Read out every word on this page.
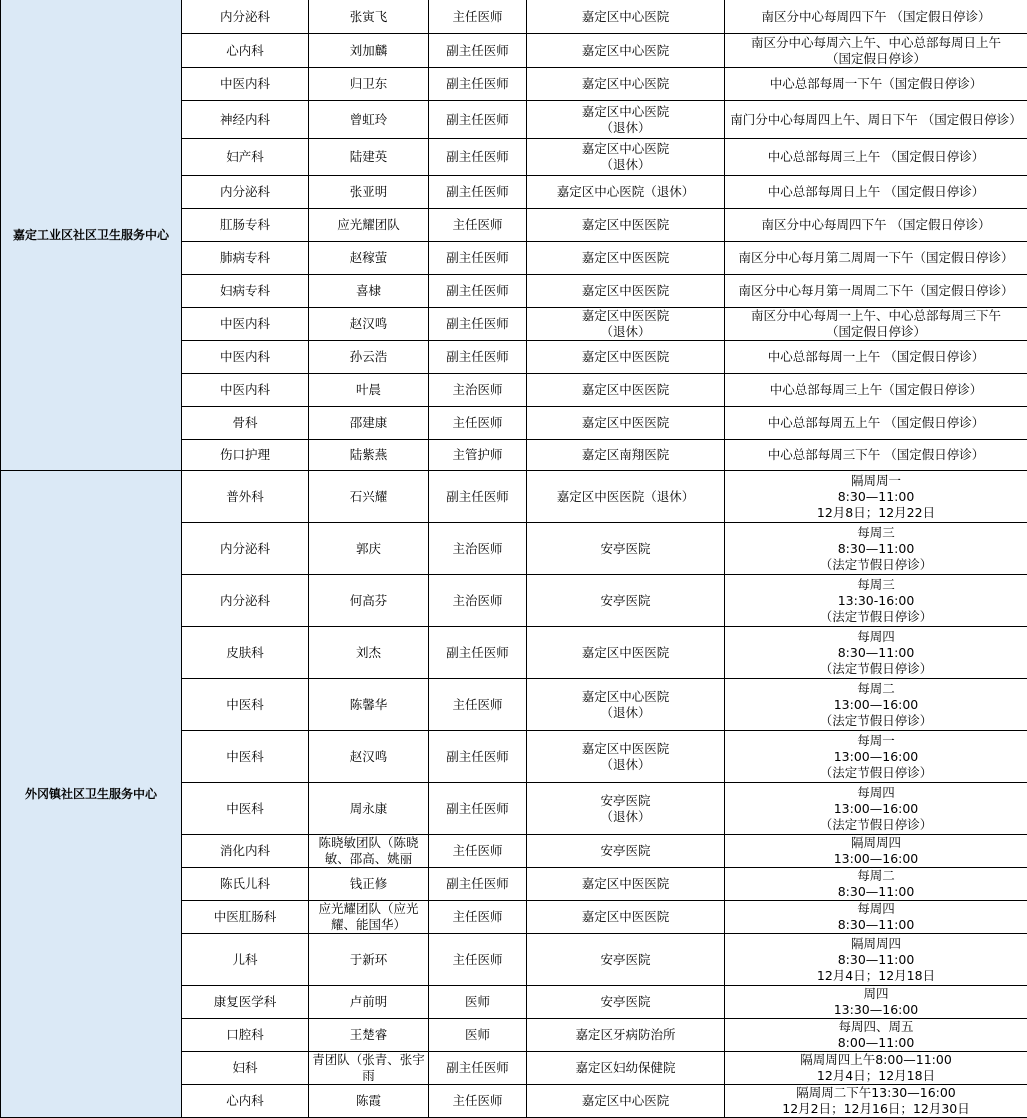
嘉定工业区社区卫生服务中心	内分泌科	张寅飞	主任医师	嘉定区中心医院	南区分中心每周四下午 （国定假日停诊）
	心内科	刘加麟	副主任医师	嘉定区中心医院	南区分中心每周六上午、中心总部每周日上午
（国定假日停诊）
	中医内科	归卫东	副主任医师	嘉定区中心医院	中心总部每周一下午（国定假日停诊）
	神经内科	曾虹玲	副主任医师	嘉定区中心医院
（退休）	南门分中心每周四上午、周日下午 （国定假日停诊）
	妇产科	陆建英	副主任医师	嘉定区中心医院
（退休）	中心总部每周三上午 （国定假日停诊）
	内分泌科	张亚明	副主任医师	嘉定区中心医院（退休）	中心总部每周日上午 （国定假日停诊）
	肛肠专科	应光耀团队	主任医师	嘉定区中医医院	南区分中心每周四下午 （国定假日停诊）
	肺病专科	赵稼萤	副主任医师	嘉定区中医医院	南区分中心每月第二周周一下午（国定假日停诊）
	妇病专科	喜棣	副主任医师	嘉定区中医医院	南区分中心每月第一周周二下午（国定假日停诊）
	中医内科	赵汉鸣	副主任医师	嘉定区中医医院
（退休）	南区分中心每周一上午、中心总部每周三下午
（国定假日停诊）
	中医内科	孙云浩	副主任医师	嘉定区中医医院	中心总部每周一上午 （国定假日停诊）
	中医内科	叶晨	主治医师	嘉定区中医医院	中心总部每周三上午（国定假日停诊）
	骨科	邵建康	主任医师	嘉定区中医医院	中心总部每周五上午 （国定假日停诊）
	伤口护理	陆紫燕	主管护师	嘉定区南翔医院	中心总部每周三下午 （国定假日停诊）
外冈镇社区卫生服务中心	普外科	石兴耀	副主任医师	嘉定区中医医院（退休）	隔周周一
8:30—11:00
12月8日；12月22日
	内分泌科	郭庆	主治医师	安亭医院	每周三
8:30—11:00
（法定节假日停诊）
	内分泌科	何高芬	主治医师	安亭医院	每周三
13:30-16:00
（法定节假日停诊）
	皮肤科	刘杰	副主任医师	嘉定区中医医院	每周四
8:30—11:00
（法定节假日停诊）
	中医科	陈馨华	主任医师	嘉定区中心医院
（退休）	每周二
13:00—16:00
（法定节假日停诊）
	中医科	赵汉鸣	副主任医师	嘉定区中医医院
（退休）	每周一
13:00—16:00
（法定节假日停诊）
	中医科	周永康	副主任医师	安亭医院
（退休）	每周四
13:00—16:00
（法定节假日停诊）
	消化内科	陈晓敏团队（陈晓
敏、邵高、姚丽	主任医师	安亭医院	隔周周四
13:00—16:00
	陈氏儿科	钱正修	副主任医师	嘉定区中医医院	每周二
8:30—11:00
	中医肛肠科	应光耀团队（应光
耀、能国华）	主任医师	嘉定区中医医院	每周四
8:30—11:00
	儿科	于新环	主任医师	安亭医院	隔周周四
8:30—11:00
12月4日；12月18日
	康复医学科	卢前明	医师	安亭医院	周四
13:30—16:00
	口腔科	王楚睿	医师	嘉定区牙病防治所	每周四、周五
8:00—11:00
	妇科	青团队（张青、张宇雨	副主任医师	嘉定区妇幼保健院	隔周周四上午8:00—11:00
12月4日；12月18日
	心内科	陈霞	主任医师	嘉定区中心医院	隔周周二下午13:30—16:00
12月2日；12月16日；12月30日
